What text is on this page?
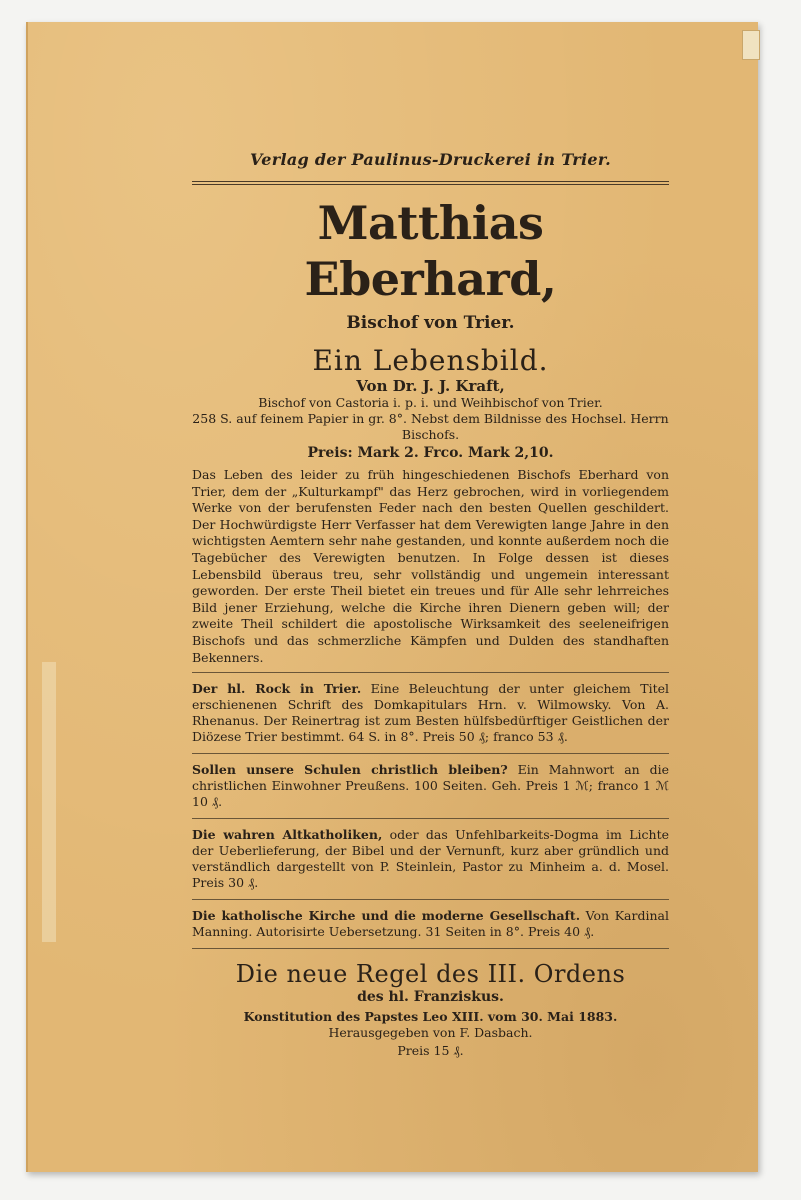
Verlag der Paulinus-Druckerei in Trier.
Matthias Eberhard,
Bischof von Trier.
Ein Lebensbild.
Von Dr. J. J. Kraft,
Bischof von Castoria i. p. i. und Weihbischof von Trier.
258 S. auf feinem Papier in gr. 8°. Nebst dem Bildnisse des Hochsel. Herrn Bischofs.
Preis: Mark 2. Frco. Mark 2,10.
Das Leben des leider zu früh hingeschiedenen Bischofs Eberhard von Trier, dem der „Kulturkampf" das Herz gebrochen, wird in vorliegendem Werke von der berufensten Feder nach den besten Quellen geschildert. Der Hochwürdigste Herr Verfasser hat dem Verewigten lange Jahre in den wichtigsten Aemtern sehr nahe gestanden, und konnte außerdem noch die Tagebücher des Verewigten benutzen. In Folge dessen ist dieses Lebensbild überaus treu, sehr vollständig und ungemein interessant geworden. Der erste Theil bietet ein treues und für Alle sehr lehrreiches Bild jener Erziehung, welche die Kirche ihren Dienern geben will; der zweite Theil schildert die apostolische Wirksamkeit des seeleneifrigen Bischofs und das schmerzliche Kämpfen und Dulden des standhaften Bekenners.
Der hl. Rock in Trier. Eine Beleuchtung der unter gleichem Titel erschienenen Schrift des Domkapitulars Hrn. v. Wilmowsky. Von A. Rhenanus. Der Reinertrag ist zum Besten hülfsbedürftiger Geistlichen der Diözese Trier bestimmt. 64 S. in 8°. Preis 50 ₰; franco 53 ₰.
Sollen unsere Schulen christlich bleiben? Ein Mahnwort an die christlichen Einwohner Preußens. 100 Seiten. Geh. Preis 1 ℳ; franco 1 ℳ 10 ₰.
Die wahren Altkatholiken, oder das Unfehlbarkeits-Dogma im Lichte der Ueberlieferung, der Bibel und der Vernunft, kurz aber gründlich und verständlich dargestellt von P. Steinlein, Pastor zu Minheim a. d. Mosel. Preis 30 ₰.
Die katholische Kirche und die moderne Gesellschaft. Von Kardinal Manning. Autorisirte Uebersetzung. 31 Seiten in 8°. Preis 40 ₰.
Die neue Regel des III. Ordens
des hl. Franziskus.
Konstitution des Papstes Leo XIII. vom 30. Mai 1883.
Herausgegeben von F. Dasbach.
Preis 15 ₰.
